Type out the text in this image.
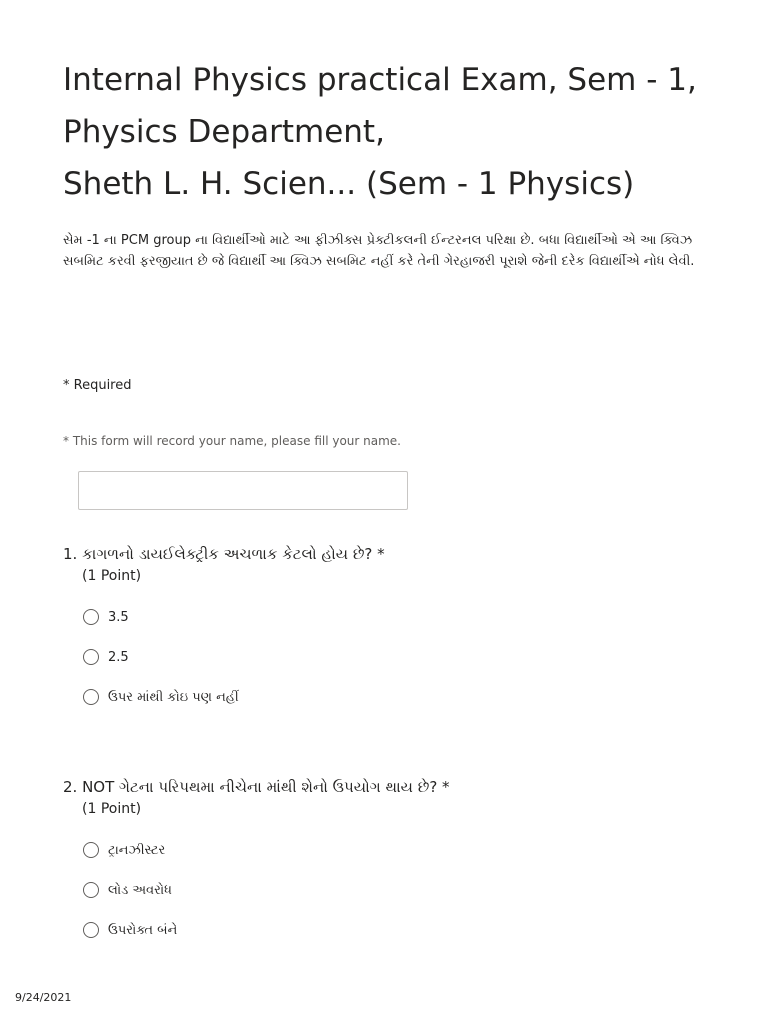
Internal Physics practical Exam, Sem - 1,
Physics Department,
Sheth L. H. Scien... (Sem - 1 Physics)

સેમ -1 ના PCM group ના વિદ્યાર્થીઓ માટે આ ફીઝીક્સ પ્રેક્ટીકલની ઈન્ટરનલ પરિક્ષા છે. બધા વિદ્યાર્થીઓ એ આ ક્વિઝ સબમિટ કરવી ફરજીયાત છે જે વિદ્યાર્થી આ ક્વિઝ સબમિટ નહીં કરે તેની ગેરહાજરી પૂરાશે જેની દરેક વિદ્યાર્થીએ નોધ લેવી.

* Required
* This form will record your name, please fill your name.
1. કાગળનો ડાયઈલેક્ટ્રીક અચળાક કેટલો હોય છે? *
(1 Point)
3.5
2.5
ઉપર માંથી કોઇ પણ નહીં
2. NOT ગેટના પરિપથમા નીચેના માંથી શેનો ઉપયોગ થાય છે? *
(1 Point)
ટ્રાનઝીસ્ટર
લોડ અવરોધ
ઉપરોક્ત બંને
9/24/2021
